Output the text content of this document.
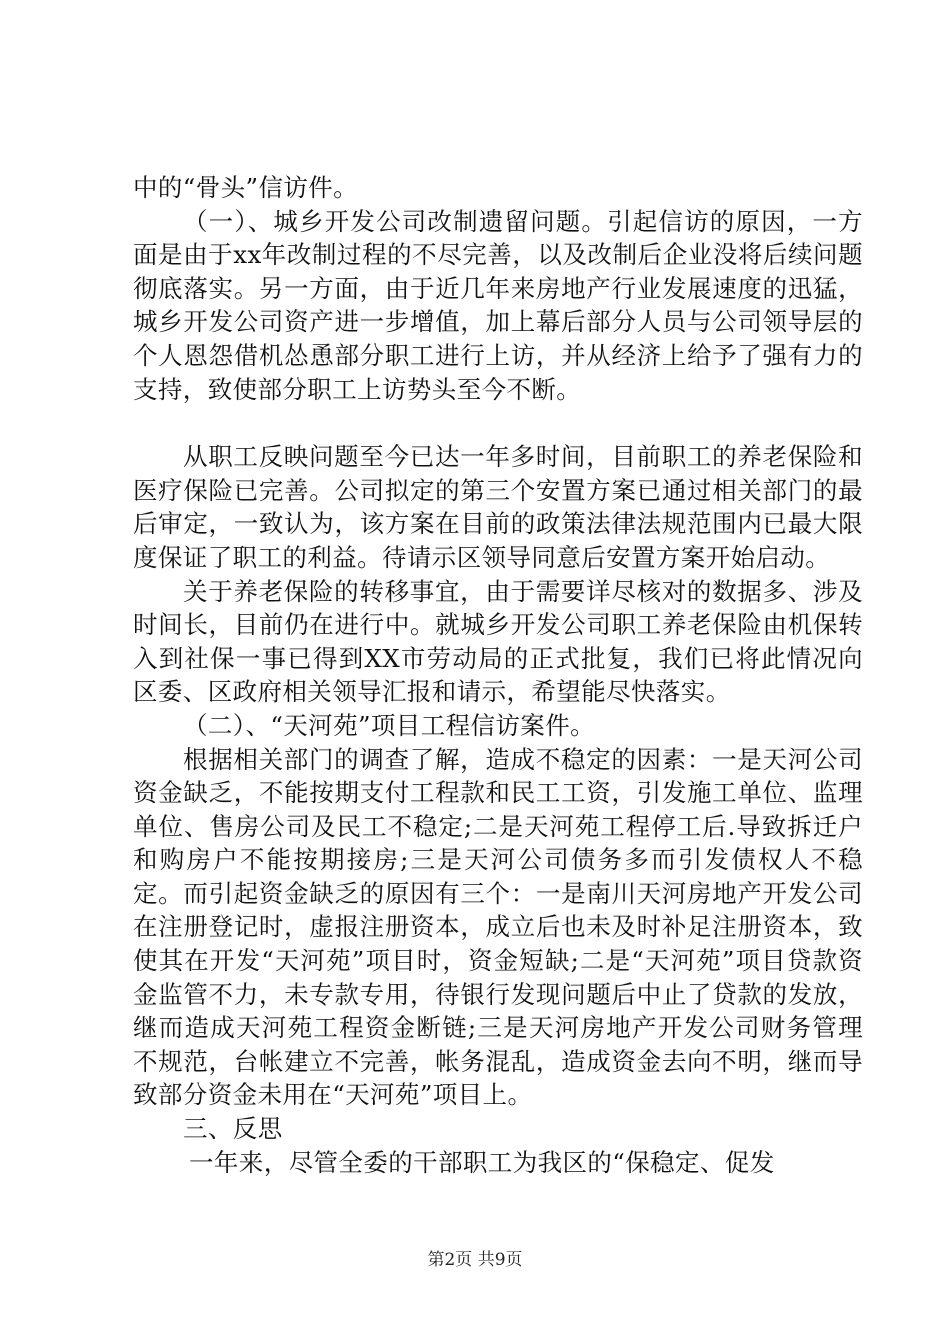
中的“骨头”信访件。

（一）、城乡开发公司改制遗留问题。引起信访的原因，一方面是由于xx年改制过程的不尽完善，以及改制后企业没将后续问题彻底落实。另一方面，由于近几年来房地产行业发展速度的迅猛，城乡开发公司资产进一步增值，加上幕后部分人员与公司领导层的个人恩怨借机怂恿部分职工进行上访，并从经济上给予了强有力的支持，致使部分职工上访势头至今不断。

从职工反映问题至今已达一年多时间，目前职工的养老保险和医疗保险已完善。公司拟定的第三个安置方案已通过相关部门的最后审定，一致认为，该方案在目前的政策法律法规范围内已最大限度保证了职工的利益。待请示区领导同意后安置方案开始启动。

关于养老保险的转移事宜，由于需要详尽核对的数据多、涉及时间长，目前仍在进行中。就城乡开发公司职工养老保险由机保转入到社保一事已得到XX市劳动局的正式批复，我们已将此情况向区委、区政府相关领导汇报和请示，希望能尽快落实。

（二）、“天河苑”项目工程信访案件。

根据相关部门的调查了解，造成不稳定的因素：一是天河公司资金缺乏，不能按期支付工程款和民工工资，引发施工单位、监理单位、售房公司及民工不稳定;二是天河苑工程停工后.导致拆迁户和购房户不能按期接房;三是天河公司债务多而引发债权人不稳定。而引起资金缺乏的原因有三个：一是南川天河房地产开发公司在注册登记时，虚报注册资本，成立后也未及时补足注册资本，致使其在开发“天河苑”项目时，资金短缺;二是“天河苑”项目贷款资金监管不力，未专款专用，待银行发现问题后中止了贷款的发放，继而造成天河苑工程资金断链;三是天河房地产开发公司财务管理不规范，台帐建立不完善，帐务混乱，造成资金去向不明，继而导致部分资金未用在“天河苑”项目上。

三、反思

一年来，尽管全委的干部职工为我区的“保稳定、促发

第2页 共9页
